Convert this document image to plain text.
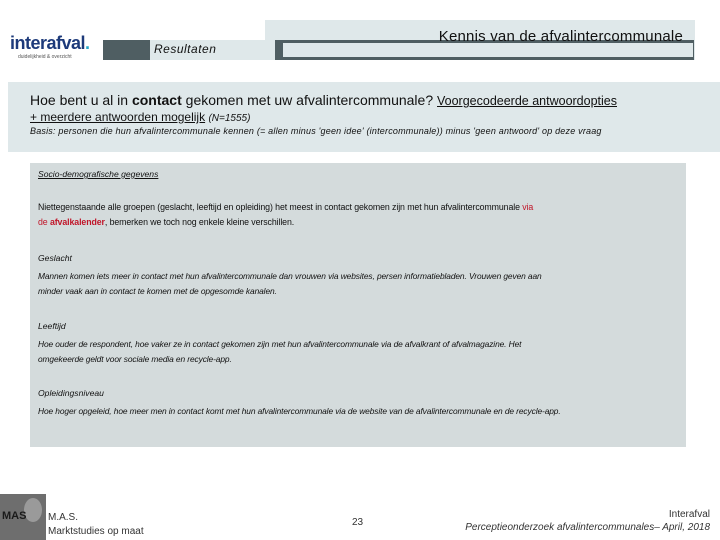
interafval.
duidelijkheid & overzicht
Resultaten
Kennis van de afvalintercommunale
Hoe bent u al in contact gekomen met uw afvalintercommunale? Voorgecodeerde antwoordopties
+ meerdere antwoorden mogelijk (N=1555)
Basis: personen die hun afvalintercommunale kennen (= allen minus 'geen idee' (intercommunale)) minus 'geen antwoord' op deze vraag
Socio-demografische gegevens
Niettegenstaande alle groepen (geslacht, leeftijd en opleiding) het meest in contact gekomen zijn met hun afvalintercommunale via
de afvalkalender, bemerken we toch nog enkele kleine verschillen.
Geslacht
Mannen komen iets meer in contact met hun afvalintercommunale dan vrouwen via websites, persen informatiebladen. Vrouwen geven aan
minder vaak aan in contact te komen met de opgesomde kanalen.
Leeftijd
Hoe ouder de respondent, hoe vaker ze in contact gekomen zijn met hun afvalintercommunale via de afvalkrant of afvalmagazine. Het
omgekeerde geldt voor sociale media en recycle-app.
Opleidingsniveau
Hoe hoger opgeleid, hoe meer men in contact komt met hun afvalintercommunale via de website van de afvalintercommunale en de recycle-app.
MAS M.A.S.
Marktstudies op maat
23
Interafval
Perceptieonderzoek afvalintercommunales– April, 2018
